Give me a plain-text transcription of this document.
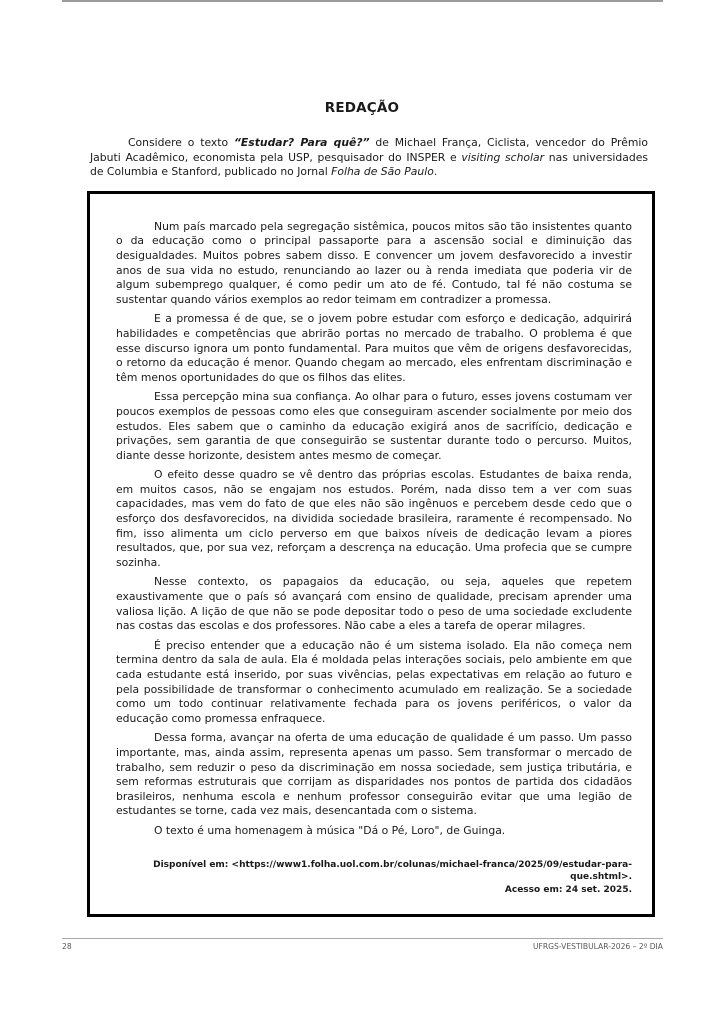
REDAÇÃO

Considere o texto “Estudar? Para quê?” de Michael França, Ciclista, vencedor do Prêmio Jabuti Acadêmico, economista pela USP, pesquisador do INSPER e visiting scholar nas universidades de Columbia e Stanford, publicado no Jornal Folha de São Paulo.

Num país marcado pela segregação sistêmica, poucos mitos são tão insistentes quanto o da educação como o principal passaporte para a ascensão social e diminuição das desigualdades. Muitos pobres sabem disso. E convencer um jovem desfavorecido a investir anos de sua vida no estudo, renunciando ao lazer ou à renda imediata que poderia vir de algum subemprego qualquer, é como pedir um ato de fé. Contudo, tal fé não costuma se sustentar quando vários exemplos ao redor teimam em contradizer a promessa.

E a promessa é de que, se o jovem pobre estudar com esforço e dedicação, adquirirá habilidades e competências que abrirão portas no mercado de trabalho. O problema é que esse discurso ignora um ponto fundamental. Para muitos que vêm de origens desfavorecidas, o retorno da educação é menor. Quando chegam ao mercado, eles enfrentam discriminação e têm menos oportunidades do que os filhos das elites.

Essa percepção mina sua confiança. Ao olhar para o futuro, esses jovens costumam ver poucos exemplos de pessoas como eles que conseguiram ascender socialmente por meio dos estudos. Eles sabem que o caminho da educação exigirá anos de sacrifício, dedicação e privações, sem garantia de que conseguirão se sustentar durante todo o percurso. Muitos, diante desse horizonte, desistem antes mesmo de começar.

O efeito desse quadro se vê dentro das próprias escolas. Estudantes de baixa renda, em muitos casos, não se engajam nos estudos. Porém, nada disso tem a ver com suas capacidades, mas vem do fato de que eles não são ingênuos e percebem desde cedo que o esforço dos desfavorecidos, na dividida sociedade brasileira, raramente é recompensado. No fim, isso alimenta um ciclo perverso em que baixos níveis de dedicação levam a piores resultados, que, por sua vez, reforçam a descrença na educação. Uma profecia que se cumpre sozinha.

Nesse contexto, os papagaios da educação, ou seja, aqueles que repetem exaustivamente que o país só avançará com ensino de qualidade, precisam aprender uma valiosa lição. A lição de que não se pode depositar todo o peso de uma sociedade excludente nas costas das escolas e dos professores. Não cabe a eles a tarefa de operar milagres.

É preciso entender que a educação não é um sistema isolado. Ela não começa nem termina dentro da sala de aula. Ela é moldada pelas interações sociais, pelo ambiente em que cada estudante está inserido, por suas vivências, pelas expectativas em relação ao futuro e pela possibilidade de transformar o conhecimento acumulado em realização. Se a sociedade como um todo continuar relativamente fechada para os jovens periféricos, o valor da educação como promessa enfraquece.

Dessa forma, avançar na oferta de uma educação de qualidade é um passo. Um passo importante, mas, ainda assim, representa apenas um passo. Sem transformar o mercado de trabalho, sem reduzir o peso da discriminação em nossa sociedade, sem justiça tributária, e sem reformas estruturais que corrijam as disparidades nos pontos de partida dos cidadãos brasileiros, nenhuma escola e nenhum professor conseguirão evitar que uma legião de estudantes se torne, cada vez mais, desencantada com o sistema.

O texto é uma homenagem à música "Dá o Pé, Loro", de Guinga.

Disponível em: <https://www1.folha.uol.com.br/colunas/michael-franca/2025/09/estudar-para-que.shtml>.
Acesso em: 24 set. 2025.
28	UFRGS-VESTIBULAR-2026 – 2º DIA
